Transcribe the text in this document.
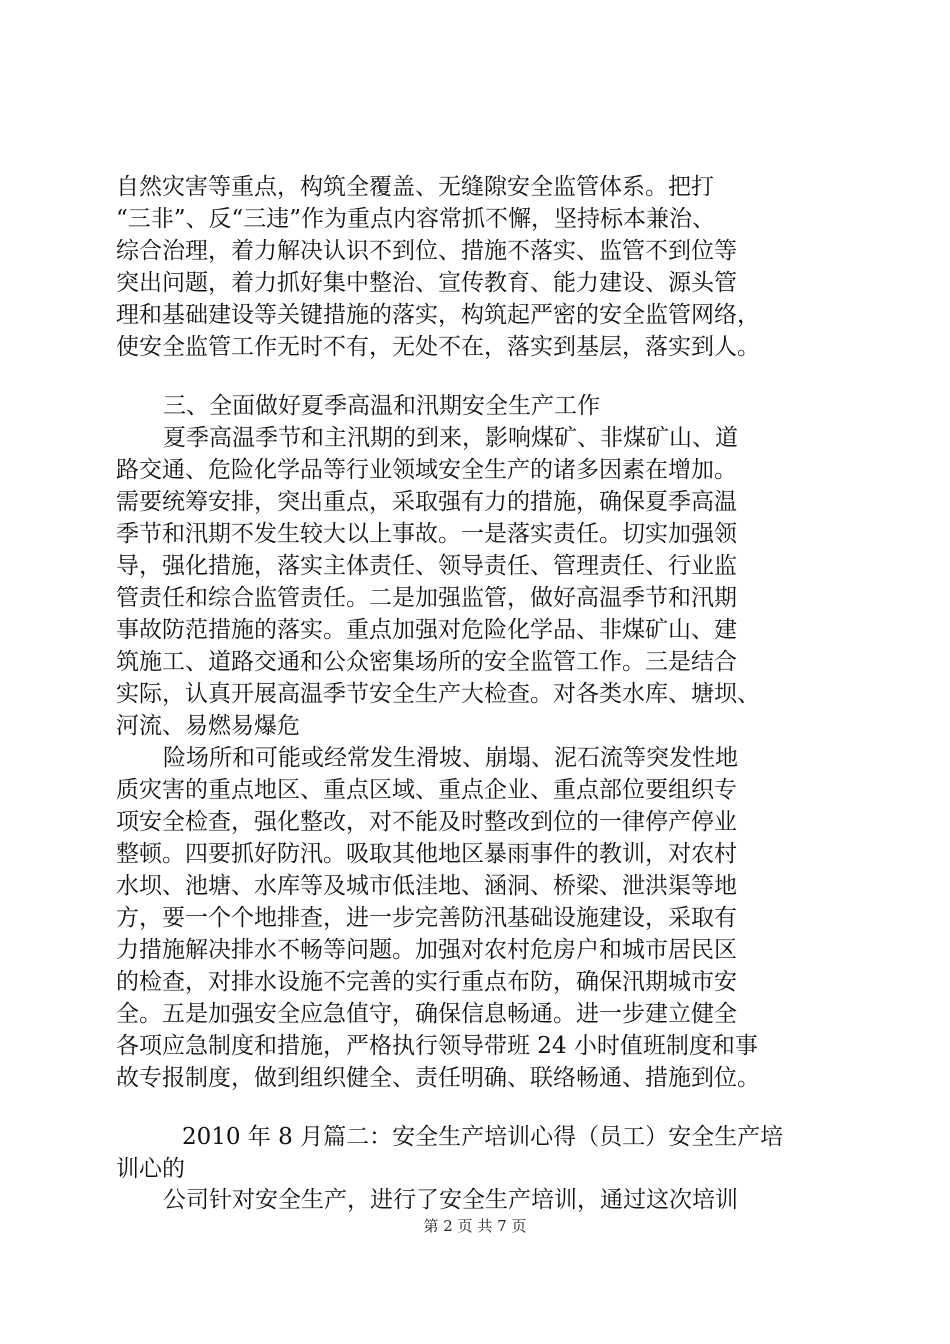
自然灾害等重点，构筑全覆盖、无缝隙安全监管体系。把打
“三非”、反“三违”作为重点内容常抓不懈，坚持标本兼治、
综合治理，着力解决认识不到位、措施不落实、监管不到位等
突出问题，着力抓好集中整治、宣传教育、能力建设、源头管
理和基础建设等关键措施的落实，构筑起严密的安全监管网络，
使安全监管工作无时不有，无处不在，落实到基层，落实到人。
三、全面做好夏季高温和汛期安全生产工作
夏季高温季节和主汛期的到来，影响煤矿、非煤矿山、道
路交通、危险化学品等行业领域安全生产的诸多因素在增加。
需要统筹安排，突出重点，采取强有力的措施，确保夏季高温
季节和汛期不发生较大以上事故。一是落实责任。切实加强领
导，强化措施，落实主体责任、领导责任、管理责任、行业监
管责任和综合监管责任。二是加强监管，做好高温季节和汛期
事故防范措施的落实。重点加强对危险化学品、非煤矿山、建
筑施工、道路交通和公众密集场所的安全监管工作。三是结合
实际，认真开展高温季节安全生产大检查。对各类水库、塘坝、
河流、易燃易爆危
险场所和可能或经常发生滑坡、崩塌、泥石流等突发性地
质灾害的重点地区、重点区域、重点企业、重点部位要组织专
项安全检查，强化整改，对不能及时整改到位的一律停产停业
整顿。四要抓好防汛。吸取其他地区暴雨事件的教训，对农村
水坝、池塘、水库等及城市低洼地、涵洞、桥梁、泄洪渠等地
方，要一个个地排查，进一步完善防汛基础设施建设，采取有
力措施解决排水不畅等问题。加强对农村危房户和城市居民区
的检查，对排水设施不完善的实行重点布防，确保汛期城市安
全。五是加强安全应急值守，确保信息畅通。进一步建立健全
各项应急制度和措施，严格执行领导带班 24 小时值班制度和事
故专报制度，做到组织健全、责任明确、联络畅通、措施到位。
2010 年 8 月篇二：安全生产培训心得（员工）安全生产培
训心的
公司针对安全生产，进行了安全生产培训，通过这次培训
第 2 页 共 7 页
